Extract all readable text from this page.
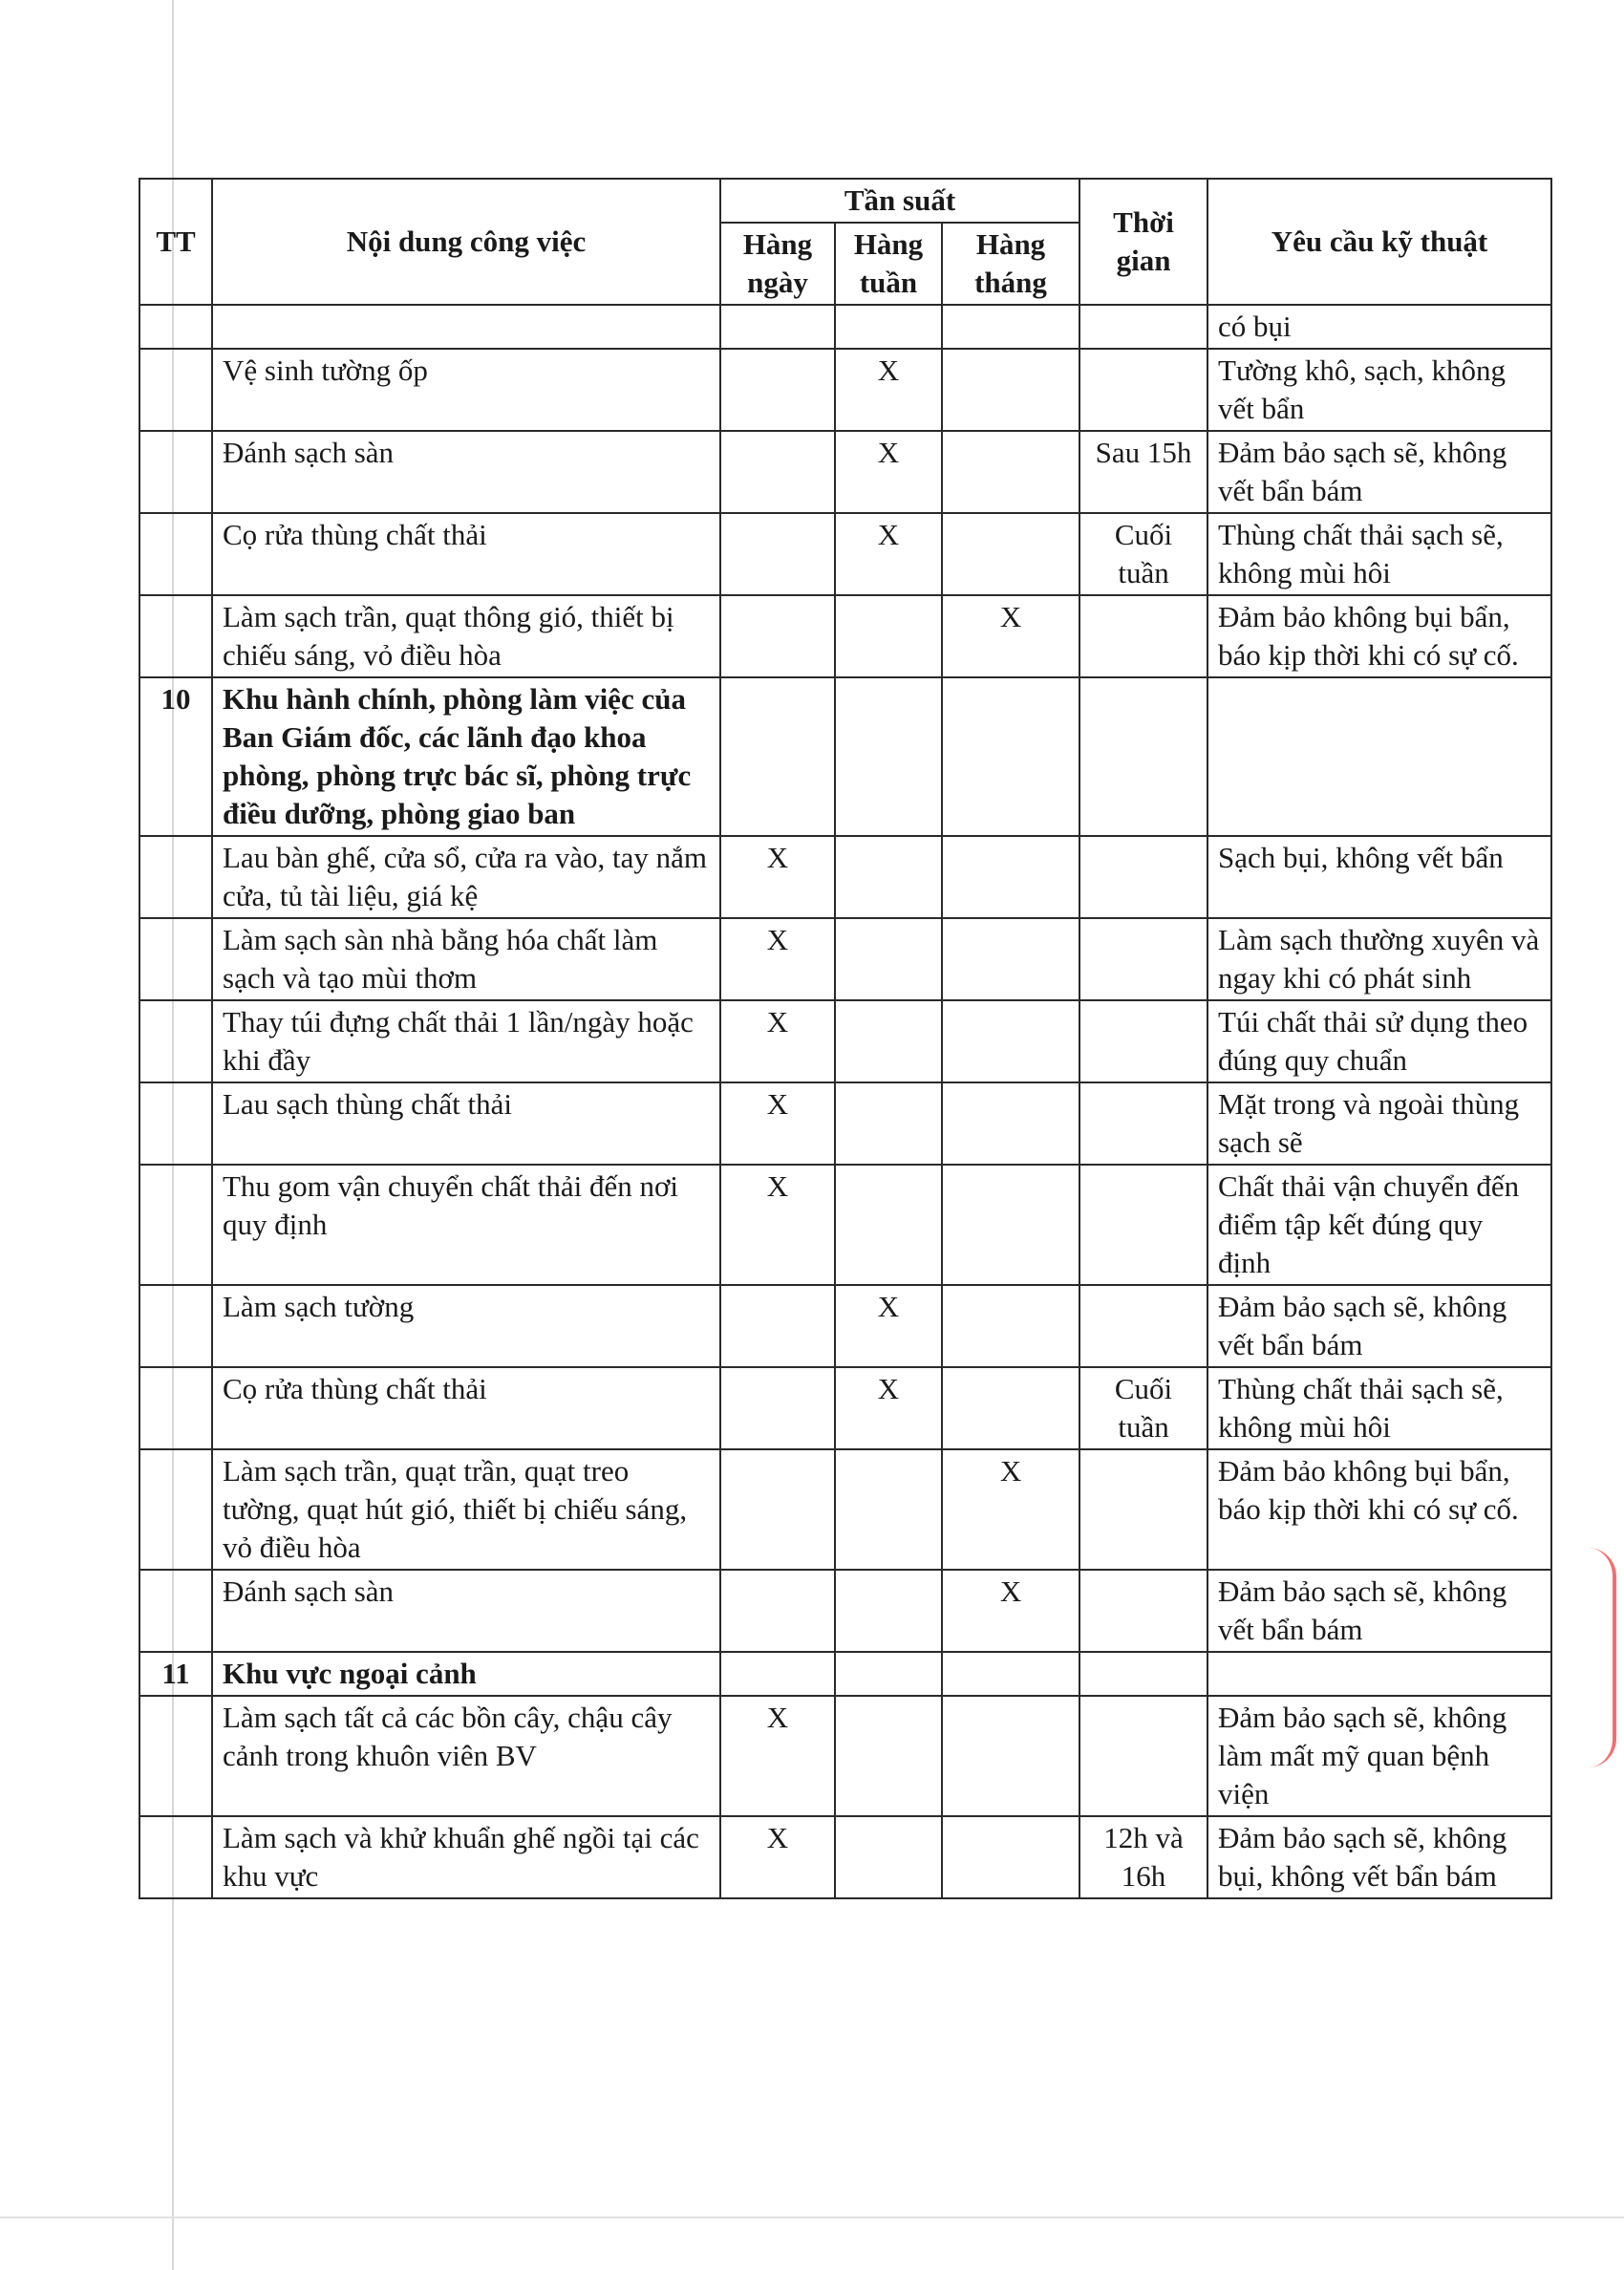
TT	Nội dung công việc	Tần suất			Thời gian	Yêu cầu kỹ thuật
		Hàng ngày	Hàng tuần	Hàng tháng		
						có bụi
	Vệ sinh tường ốp		X			Tường khô, sạch, không vết bẩn
	Đánh sạch sàn		X		Sau 15h	Đảm bảo sạch sẽ, không vết bẩn bám
	Cọ rửa thùng chất thải		X		Cuối tuần	Thùng chất thải sạch sẽ, không mùi hôi
	Làm sạch trần, quạt thông gió, thiết bị chiếu sáng, vỏ điều hòa			X		Đảm bảo không bụi bẩn, báo kịp thời khi có sự cố.
10	Khu hành chính, phòng làm việc của Ban Giám đốc, các lãnh đạo khoa phòng, phòng trực bác sĩ, phòng trực điều dưỡng, phòng giao ban					
	Lau bàn ghế, cửa sổ, cửa ra vào, tay nắm cửa, tủ tài liệu, giá kệ	X				Sạch bụi, không vết bẩn
	Làm sạch sàn nhà bằng hóa chất làm sạch và tạo mùi thơm	X				Làm sạch thường xuyên và ngay khi có phát sinh
	Thay túi đựng chất thải 1 lần/ngày hoặc khi đầy	X				Túi chất thải sử dụng theo đúng quy chuẩn
	Lau sạch thùng chất thải	X				Mặt trong và ngoài thùng sạch sẽ
	Thu gom vận chuyển chất thải đến nơi quy định	X				Chất thải vận chuyển đến điểm tập kết đúng quy định
	Làm sạch tường		X			Đảm bảo sạch sẽ, không vết bẩn bám
	Cọ rửa thùng chất thải		X		Cuối tuần	Thùng chất thải sạch sẽ, không mùi hôi
	Làm sạch trần, quạt trần, quạt treo tường, quạt hút gió, thiết bị chiếu sáng, vỏ điều hòa			X		Đảm bảo không bụi bẩn, báo kịp thời khi có sự cố.
	Đánh sạch sàn			X		Đảm bảo sạch sẽ, không vết bẩn bám
11	Khu vực ngoại cảnh					
	Làm sạch tất cả các bồn cây, chậu cây cảnh trong khuôn viên BV	X				Đảm bảo sạch sẽ, không làm mất mỹ quan bệnh viện
	Làm sạch và khử khuẩn ghế ngồi tại các khu vực	X			12h và 16h	Đảm bảo sạch sẽ, không bụi, không vết bẩn bám
